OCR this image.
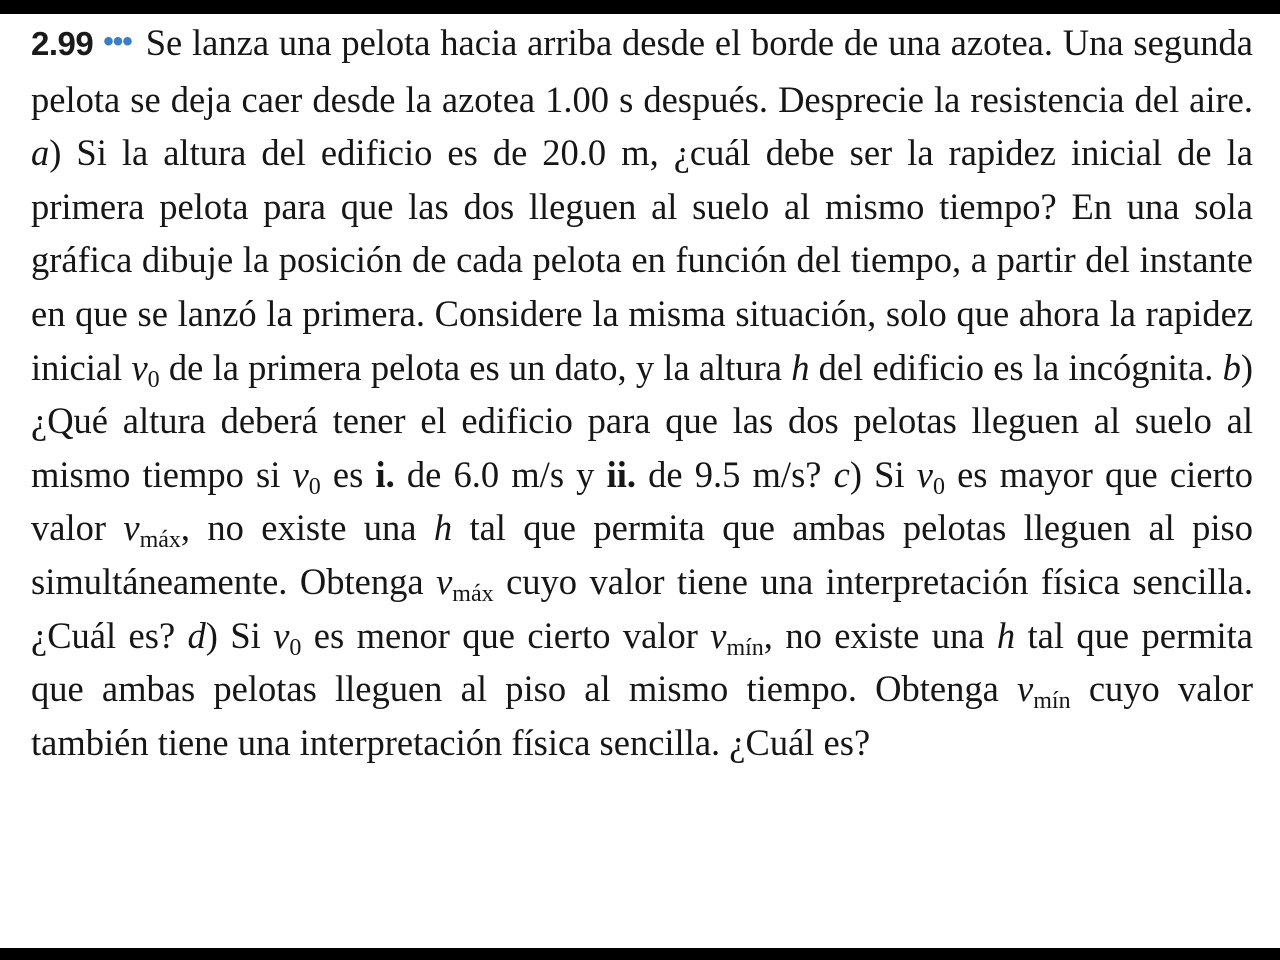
2.99 ••• Se lanza una pelota hacia arriba desde el borde de una azotea. Una segunda pelota se deja caer desde la azotea 1.00 s después. Desprecie la resistencia del aire. a) Si la altura del edificio es de 20.0 m, ¿cuál debe ser la rapidez inicial de la primera pelota para que las dos lleguen al suelo al mismo tiempo? En una sola gráfica dibuje la posición de cada pelota en función del tiempo, a partir del instante en que se lanzó la primera. Considere la misma situación, solo que ahora la rapidez inicial $v_0$ de la primera pelota es un dato, y la altura h del edificio es la incógnita. b) ¿Qué altura deberá tener el edificio para que las dos pelotas lleguen al suelo al mismo tiempo si $v_0$ es i. de 6.0 m/s y ii. de 9.5 m/s? c) Si $v_0$ es mayor que cierto valor $v_{máx}$, no existe una h tal que permita que ambas pelotas lleguen al piso simultáneamente. Obtenga $v_{máx}$ cuyo valor tiene una interpretación física sencilla. ¿Cuál es? d) Si $v_0$ es menor que cierto valor $v_{mín}$, no existe una h tal que permita que ambas pelotas lleguen al piso al mismo tiempo. Obtenga $v_{mín}$ cuyo valor también tiene una interpretación física sencilla. ¿Cuál es?
